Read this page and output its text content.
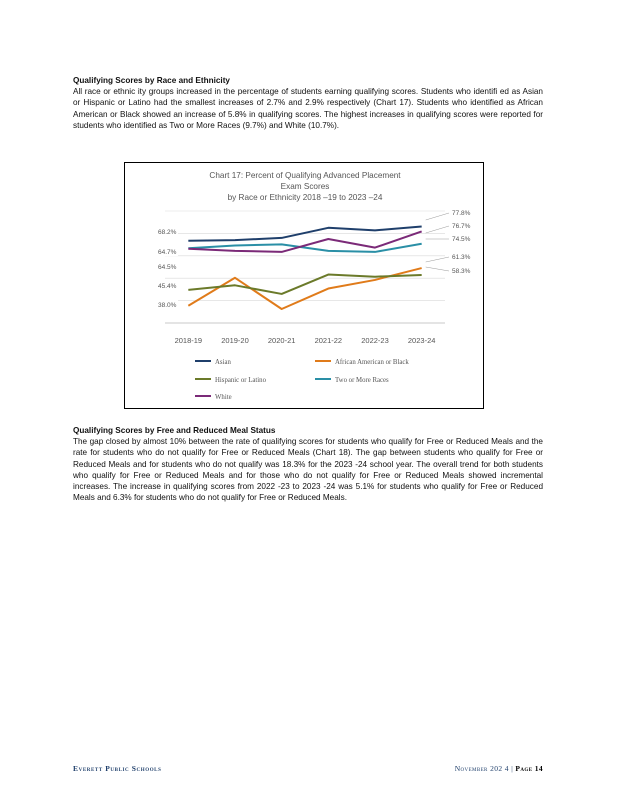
Qualifying Scores by Race and Ethnicity
All race or ethnic ity groups increased in the percentage of students earning qualifying scores. Students who identifi ed as Asian or Hispanic or Latino had the smallest increases of 2.7% and 2.9% respectively (Chart 17). Students who identified as African American or Black showed an increase of 5.8% in qualifying scores. The highest increases in qualifying scores were reported for students who identified as Two or More Races (9.7%) and White (10.7%).
Chart 17: Percent of Qualifying Advanced Placement
Exam Scores
by Race or Ethnicity 2018 –19 to 2023 –24
2018-19	2019-20	2020-21	2021-22	2022-23	2023-24
68.2%
64.7%
64.5%
45.4%
38.0%
77.8%
76.7%
74.5%
61.3%
58.3%
Asian	African American or Black
Hispanic or Latino	Two or More Races
White
Qualifying Scores by Free and Reduced Meal Status
The gap closed by almost 10% between the rate of qualifying scores for students who qualify for Free or Reduced Meals and the rate for students who do not qualify for Free or Reduced Meals (Chart 18). The gap between students who qualify for Free or Reduced Meals and for students who do not qualify was 18.3% for the 2023 -24 school year. The overall trend for both students who qualify for Free or Reduced Meals and for those who do not qualify for Free or Reduced Meals showed incremental increases. The increase in qualifying scores from 2022 -23 to 2023 -24 was 5.1% for students who qualify for Free or Reduced Meals and 6.3% for students who do not qualify for Free or Reduced Meals.
Everett Public Schools	November 202 4 | Page 14
